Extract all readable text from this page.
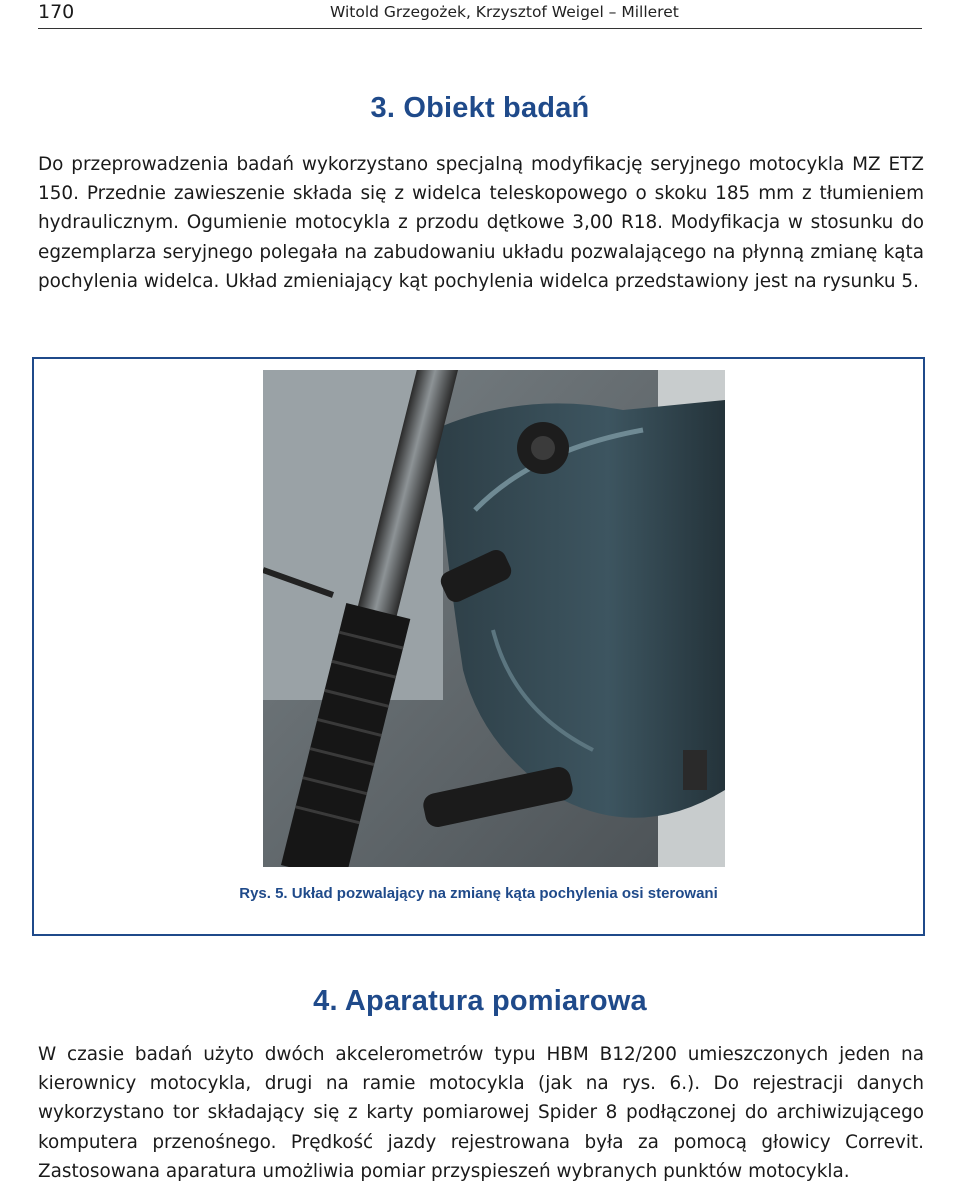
170	Witold Grzegożek, Krzysztof Weigel – Milleret
3. Obiekt badań

Do przeprowadzenia badań wykorzystano specjalną modyfikację seryjnego motocykla MZ ETZ 150. Przednie zawieszenie składa się z widelca teleskopowego o skoku 185 mm z tłumieniem hydraulicznym. Ogumienie motocykla z przodu dętkowe 3,00 R18. Modyfikacja w stosunku do egzemplarza seryjnego polegała na zabudowaniu układu pozwalającego na płynną zmianę kąta pochylenia widelca. Układ zmieniający kąt pochylenia widelca przedstawiony jest na rysunku 5.

Rys. 5. Układ pozwalający na zmianę kąta pochylenia osi sterowani
4. Aparatura pomiarowa

W czasie badań użyto dwóch akcelerometrów typu HBM B12/200 umieszczonych jeden na kierownicy motocykla, drugi na ramie motocykla (jak na rys. 6.). Do rejestracji danych wykorzystano tor składający się z karty pomiarowej Spider 8 podłączonej do archiwizującego komputera przenośnego. Prędkość jazdy rejestrowana była za pomocą głowicy Correvit. Zastosowana aparatura umożliwia pomiar przyspieszeń wybranych punktów motocykla.
